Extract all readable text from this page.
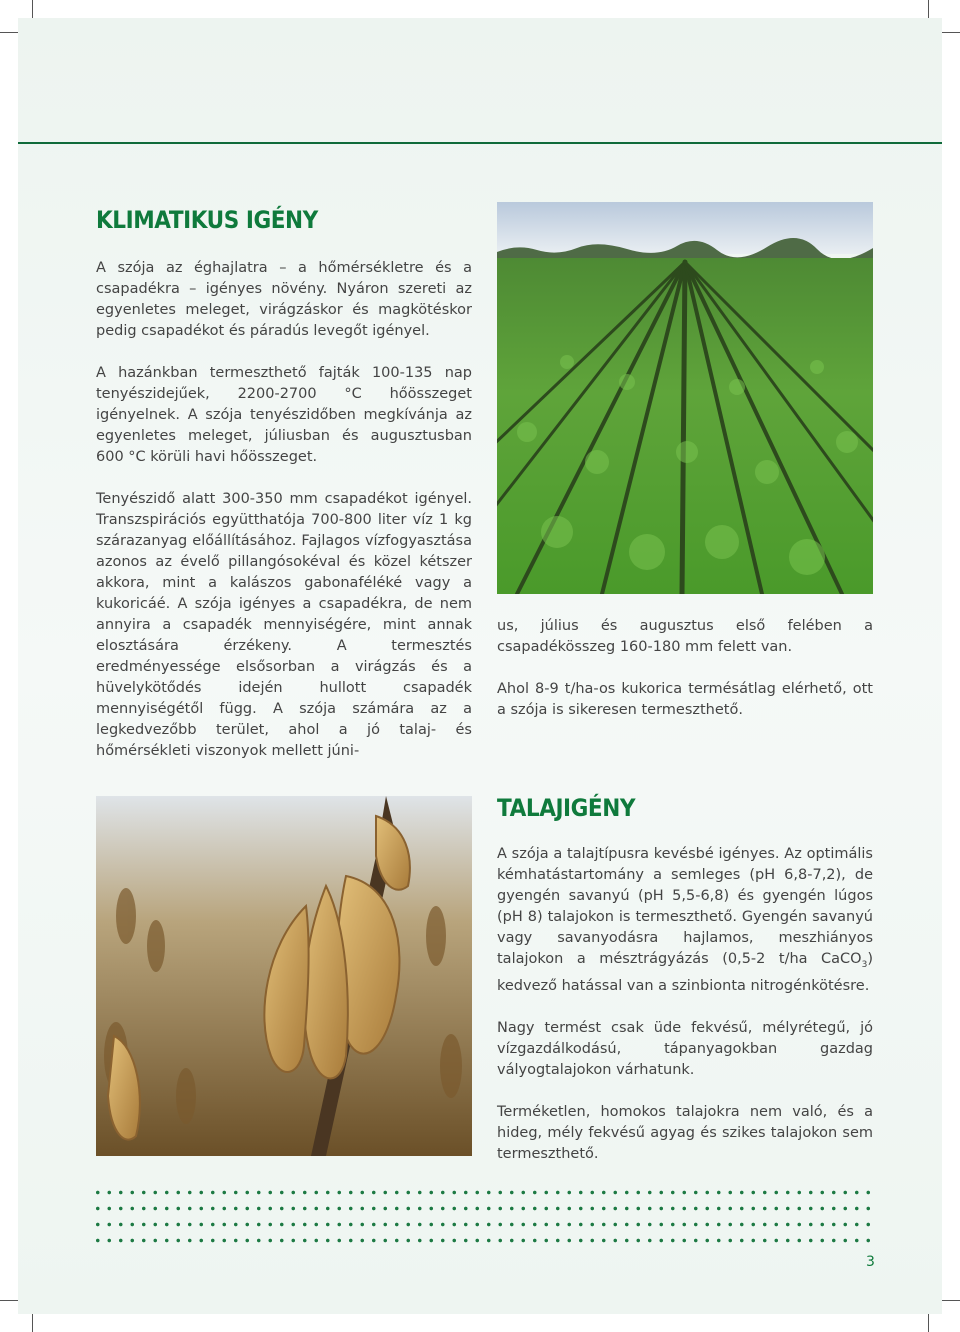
KLIMATIKUS IGÉNY

A szója az éghajlatra – a hőmérsékletre és a csapadékra – igényes növény. Nyáron szereti az egyenletes meleget, virágzáskor és magkötéskor pedig csapadékot és páradús levegőt igényel.

A hazánkban termeszthető fajták 100-135 nap tenyészidejűek, 2200-2700 °C hőösszeget igényelnek. A szója tenyészidőben megkívánja az egyenletes meleget, júliusban és augusztusban 600 °C körüli havi hőösszeget.

Tenyészidő alatt 300-350 mm csapadékot igényel. Transzspirációs együtthatója 700-800 liter víz 1 kg szárazanyag előállításához. Fajlagos vízfogyasztása azonos az évelő pillangósokéval és közel kétszer akkora, mint a kalászos gabonaféléké vagy a kukoricáé. A szója igényes a csapadékra, de nem annyira a csapadék mennyiségére, mint annak elosztására érzékeny. A termesztés eredményessége elsősorban a virágzás és a hüvelykötődés idején hullott csapadék mennyiségétől függ. A szója számára az a legkedvezőbb terület, ahol a jó talaj- és hőmérsékleti viszonyok mellett júni-

us, július és augusztus első felében a csapadékösszeg 160-180 mm felett van.

Ahol 8-9 t/ha-os kukorica termésátlag elérhető, ott a szója is sikeresen termeszthető.

TALAJIGÉNY

A szója a talajtípusra kevésbé igényes. Az optimális kémhatástartomány a semleges (pH 6,8-7,2), de gyengén savanyú (pH 5,5-6,8) és gyengén lúgos (pH 8) talajokon is termeszthető. Gyengén savanyú vagy savanyodásra hajlamos, meszhiányos talajokon a mésztrágyázás (0,5-2 t/ha CaCO$_3$) kedvező hatással van a szinbionta nitrogénkötésre.

Nagy termést csak üde fekvésű, mélyrétegű, jó vízgazdálkodású, tápanyagokban gazdag vályogtalajokon várhatunk.

Terméketlen, homokos talajokra nem való, és a hideg, mély fekvésű agyag és szikes talajokon sem termeszthető.

3
